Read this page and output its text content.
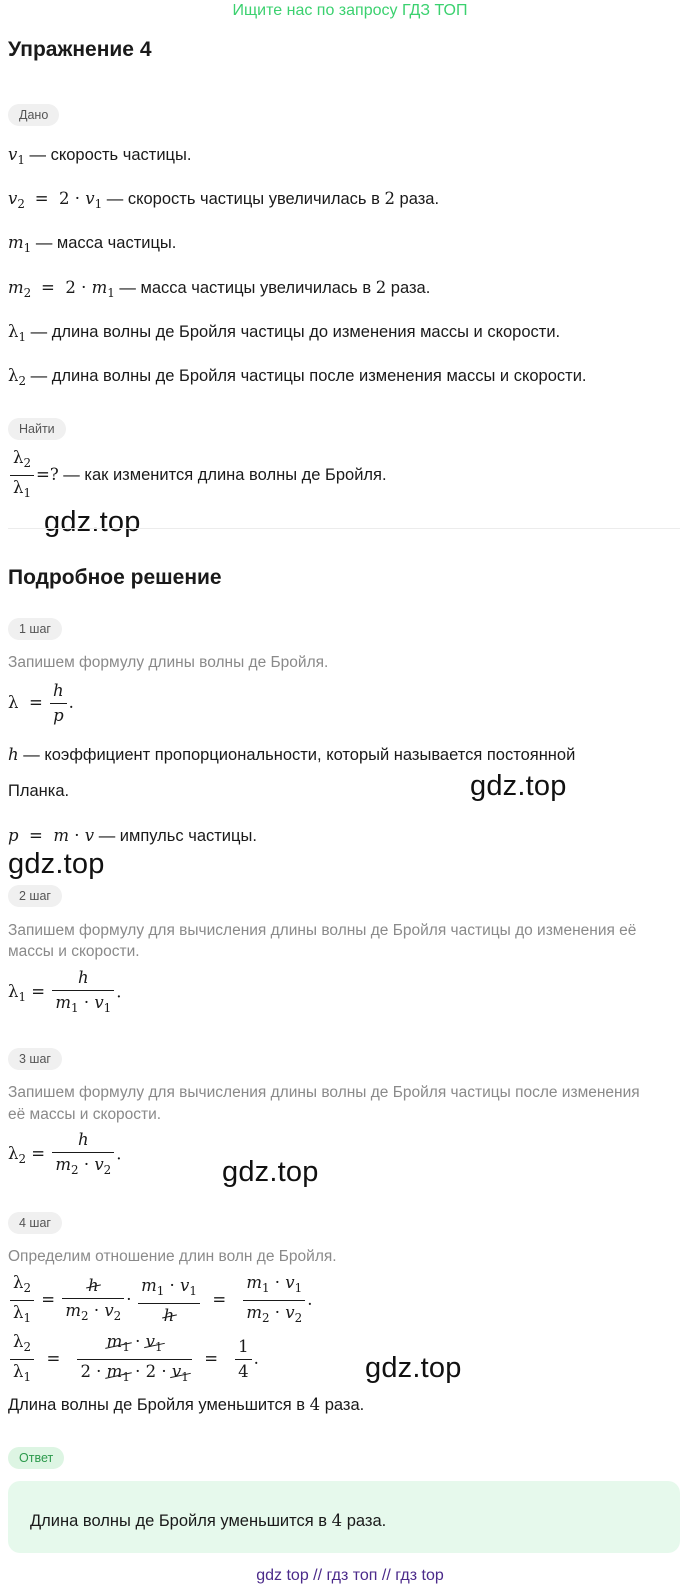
Ищите нас по запросу ГДЗ ТОП
Упражнение 4
Дано
$v_1$ — скорость частицы.
$v_2 = 2 \cdot v_1$ — скорость частицы увеличилась в 2 раза.
$m_1$ — масса частицы.
$m_2 = 2 \cdot m_1$ — масса частицы увеличилась в 2 раза.
$\lambda_1$ — длина волны де Бройля частицы до изменения массы и скорости.
$\lambda_2$ — длина волны де Бройля частицы после изменения массы и скорости.
Найти
$\frac{\lambda_2}{\lambda_1}$ =? — как изменится длина волны де Бройля.
gdz.top
Подробное решение
1 шаг
Запишем формулу длины волны де Бройля.
$\lambda = \frac{h}{p}$ .
h — коэффициент пропорциональности, который называется постоянной
Планка.	gdz.top
p  =  m · v — импульс частицы.
gdz.top
2 шаг
Запишем формулу для вычисления длины волны де Бройля частицы до изменения её
массы и скорости.
$\lambda_1 = \frac{h}{m_1 \cdot v_1}$ .
3 шаг
Запишем формулу для вычисления длины волны де Бройля частицы после изменения
её массы и скорости.
$\lambda_2 = \frac{h}{m_2 \cdot v_2}$ .
gdz.top
4 шаг
Определим отношение длин волн де Бройля.
$\frac{\lambda_2}{\lambda_1} = \frac{h}{m_2 \cdot v_2} \cdot \frac{m_1 \cdot v_1}{h} = \frac{m_1 \cdot v_1}{m_2 \cdot v_2}$ .
$\frac{\lambda_2}{\lambda_1} = \frac{m_1 \cdot v_1}{2 \cdot m_1 \cdot 2 \cdot v_1} = \frac{1}{4}$ .	gdz.top
Длина волны де Бройля уменьшится в 4 раза.
Ответ
Длина волны де Бройля уменьшится в 4 раза.
gdz top // гдз топ // гдз top
